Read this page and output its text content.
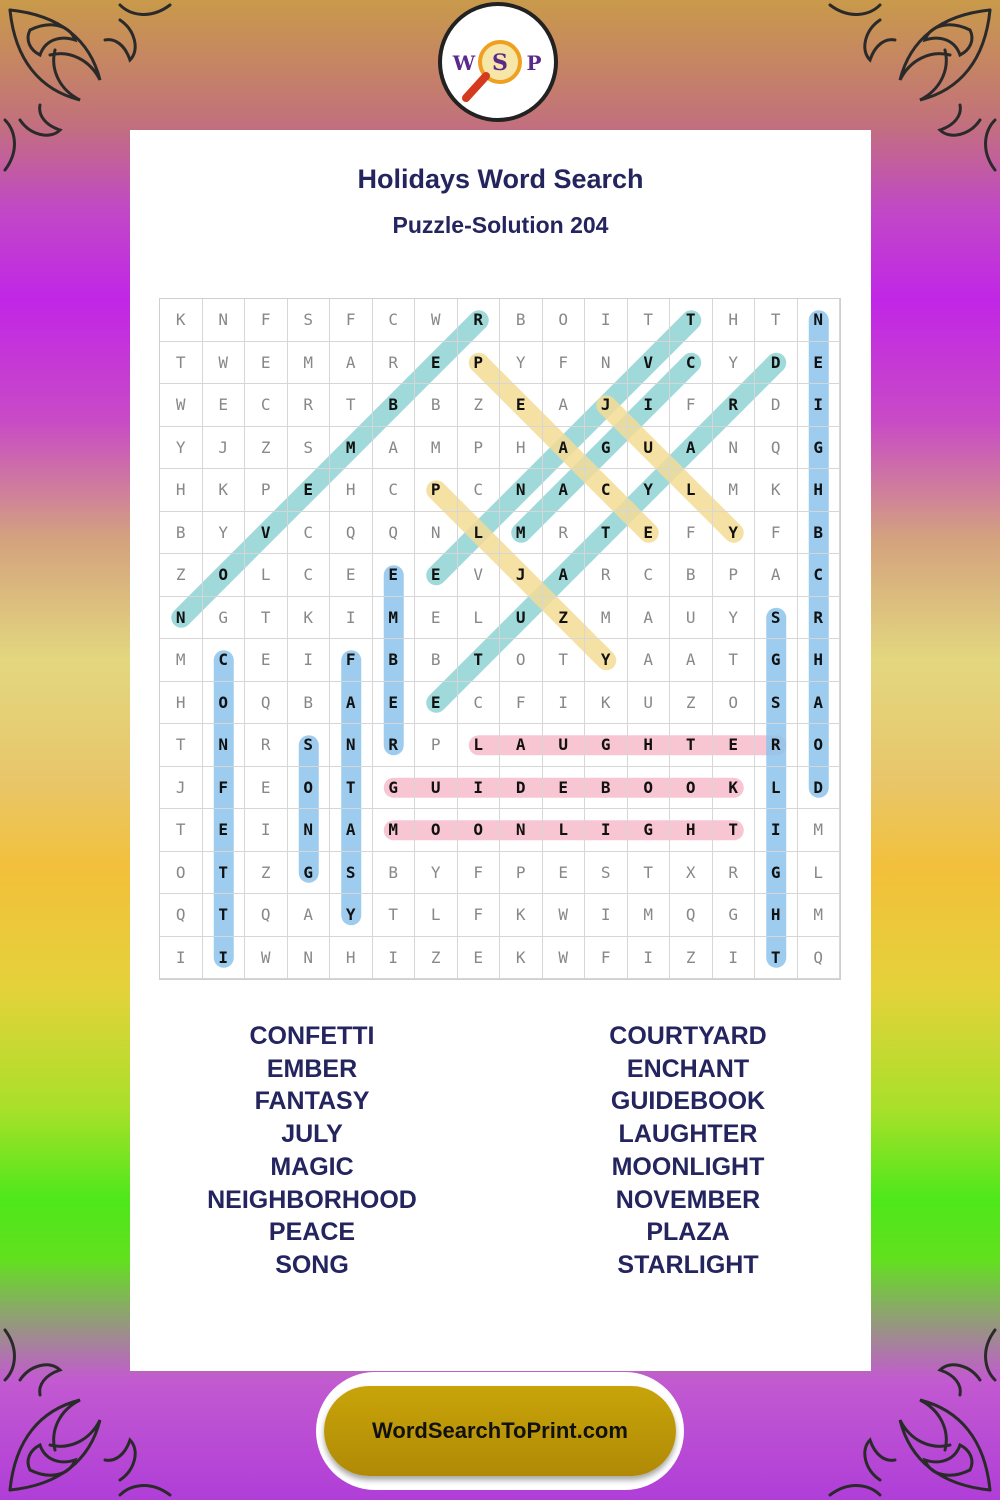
W S P
Holidays Word Search
Puzzle-Solution 204
K	N	F	S	F	C	W	R	B	O	I	T	T	H	T	N
T	W	E	M	A	R	E	P	Y	F	N	V	C	Y	D	E
W	E	C	R	T	B	B	Z	E	A	J	I	F	R	D	I
Y	J	Z	S	M	A	M	P	H	A	G	U	A	N	Q	G
H	K	P	E	H	C	P	C	N	A	C	Y	L	M	K	H
B	Y	V	C	Q	Q	N	L	M	R	T	E	F	Y	F	B
Z	O	L	C	E	E	E	V	J	A	R	C	B	P	A	C
N	G	T	K	I	M	E	L	U	Z	M	A	U	Y	S	R
M	C	E	I	F	B	B	T	O	T	Y	A	A	T	G	H
H	O	Q	B	A	E	E	C	F	I	K	U	Z	O	S	A
T	N	R	S	N	R	P	L	A	U	G	H	T	E	R	O
J	F	E	O	T	G	U	I	D	E	B	O	O	K	L	D
T	E	I	N	A	M	O	O	N	L	I	G	H	T	I	M
O	T	Z	G	S	B	Y	F	P	E	S	T	X	R	G	L
Q	T	Q	A	Y	T	L	F	K	W	I	M	Q	G	H	M
I	I	W	N	H	I	Z	E	K	W	F	I	Z	I	T	Q
CONFETTI
EMBER
FANTASY
JULY
MAGIC
NEIGHBORHOOD
PEACE
SONG
COURTYARD
ENCHANT
GUIDEBOOK
LAUGHTER
MOONLIGHT
NOVEMBER
PLAZA
STARLIGHT
WordSearchToPrint.com
